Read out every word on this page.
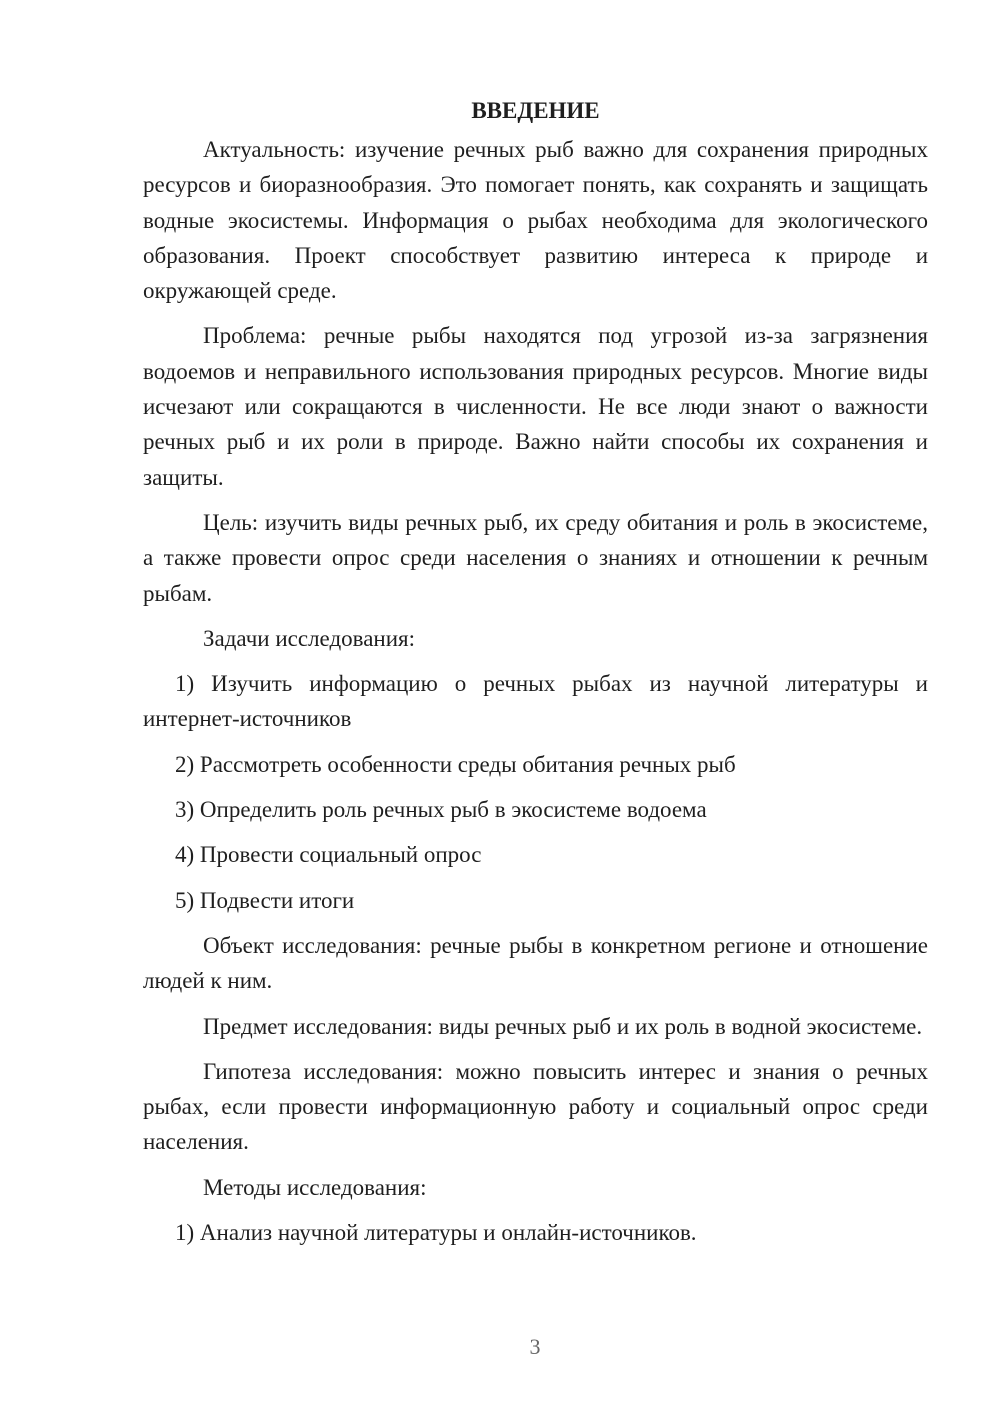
ВВЕДЕНИЕ

Актуальность: изучение речных рыб важно для сохранения природных ресурсов и биоразнообразия. Это помогает понять, как сохранять и защищать водные экосистемы. Информация о рыбах необходима для экологического образования. Проект способствует развитию интереса к природе и окружающей среде.

Проблема: речные рыбы находятся под угрозой из-за загрязнения водоемов и неправильного использования природных ресурсов. Многие виды исчезают или сокращаются в численности. Не все люди знают о важности речных рыб и их роли в природе. Важно найти способы их сохранения и защиты.

Цель: изучить виды речных рыб, их среду обитания и роль в экосистеме, а также провести опрос среди населения о знаниях и отношении к речным рыбам.

Задачи исследования:

1) Изучить информацию о речных рыбах из научной литературы и интернет-источников

2) Рассмотреть особенности среды обитания речных рыб

3) Определить роль речных рыб в экосистеме водоема

4) Провести социальный опрос

5) Подвести итоги

Объект исследования: речные рыбы в конкретном регионе и отношение людей к ним.

Предмет исследования: виды речных рыб и их роль в водной экосистеме.

Гипотеза исследования: можно повысить интерес и знания о речных рыбах, если провести информационную работу и социальный опрос среди населения.

Методы исследования:

1) Анализ научной литературы и онлайн-источников.

3
